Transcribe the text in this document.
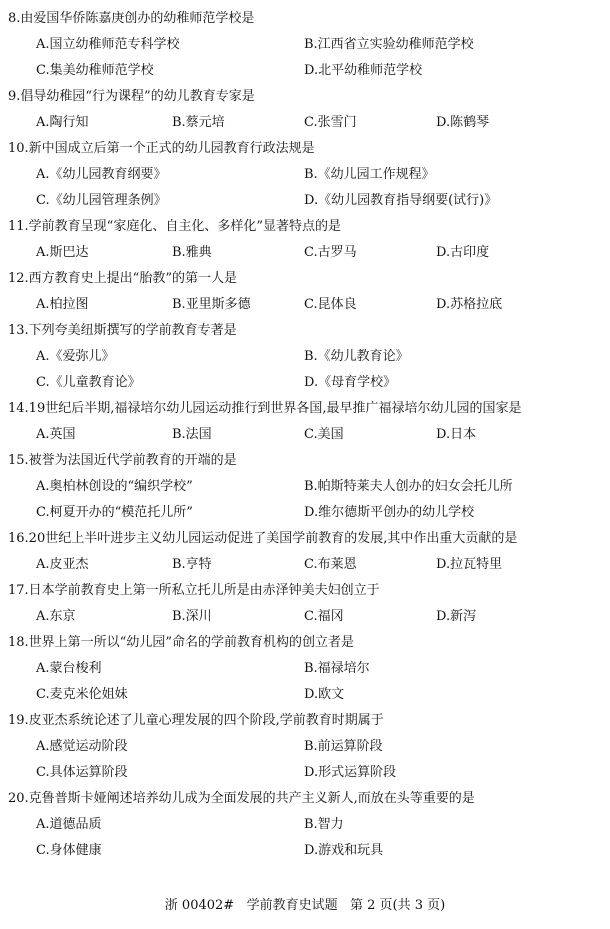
8.由爱国华侨陈嘉庚创办的幼稚师范学校是
A.国立幼稚师范专科学校	B.江西省立实验幼稚师范学校
C.集美幼稚师范学校	D.北平幼稚师范学校
9.倡导幼稚园“行为课程”的幼儿教育专家是
A.陶行知	B.蔡元培	C.张雪门	D.陈鹤琴
10.新中国成立后第一个正式的幼儿园教育行政法规是
A.《幼儿园教育纲要》	B.《幼儿园工作规程》
C.《幼儿园管理条例》	D.《幼儿园教育指导纲要(试行)》
11.学前教育呈现“家庭化、自主化、多样化”显著特点的是
A.斯巴达	B.雅典	C.古罗马	D.古印度
12.西方教育史上提出“胎教”的第一人是
A.柏拉图	B.亚里斯多德	C.昆体良	D.苏格拉底
13.下列夸美纽斯撰写的学前教育专著是
A.《爱弥儿》	B.《幼儿教育论》
C.《儿童教育论》	D.《母育学校》
14.19世纪后半期,福禄培尔幼儿园运动推行到世界各国,最早推广福禄培尔幼儿园的国家是
A.英国	B.法国	C.美国	D.日本
15.被誉为法国近代学前教育的开端的是
A.奥柏林创设的“编织学校”	B.帕斯特莱夫人创办的妇女会托儿所
C.柯夏开办的“模范托儿所”	D.维尔德斯平创办的幼儿学校
16.20世纪上半叶进步主义幼儿园运动促进了美国学前教育的发展,其中作出重大贡献的是
A.皮亚杰	B.亨特	C.布莱恩	D.拉瓦特里
17.日本学前教育史上第一所私立托儿所是由赤泽钟美夫妇创立于
A.东京	B.深川	C.福冈	D.新泻
18.世界上第一所以“幼儿园”命名的学前教育机构的创立者是
A.蒙台梭利	B.福禄培尔
C.麦克米伦姐妹	D.欧文
19.皮亚杰系统论述了儿童心理发展的四个阶段,学前教育时期属于
A.感觉运动阶段	B.前运算阶段
C.具体运算阶段	D.形式运算阶段
20.克鲁普斯卡娅阐述培养幼儿成为全面发展的共产主义新人,而放在头等重要的是
A.道德品质	B.智力
C.身体健康	D.游戏和玩具
浙 00402#   学前教育史试题   第 2 页(共 3 页)
